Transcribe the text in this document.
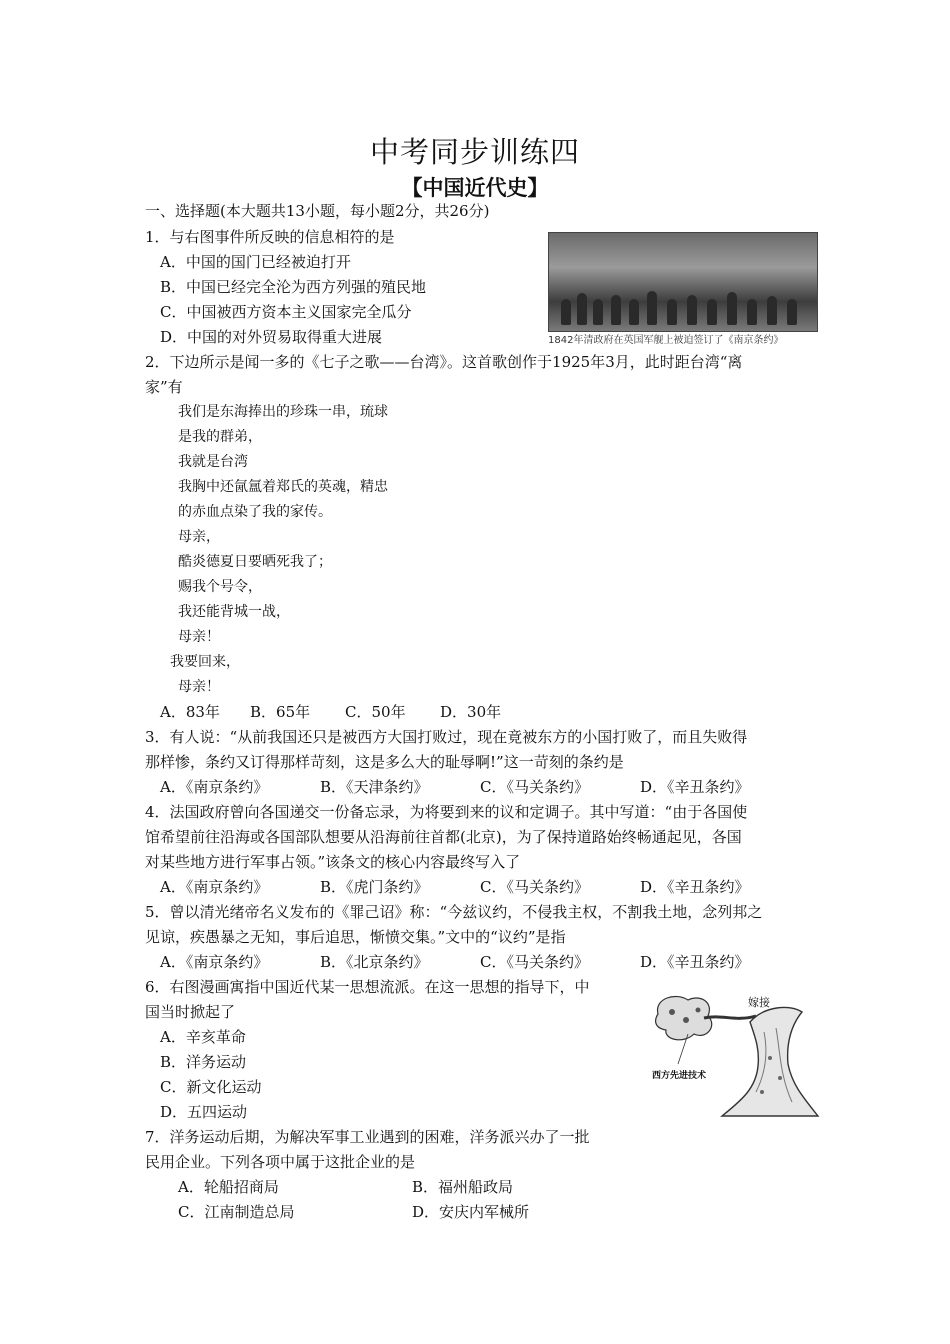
中考同步训练四
【中国近代史】
一、选择题(本大题共13小题，每小题2分，共26分)
1．与右图事件所反映的信息相符的是
A．中国的国门已经被迫打开
B．中国已经完全沦为西方列强的殖民地
C．中国被西方资本主义国家完全瓜分
D．中国的对外贸易取得重大进展	1842年清政府在英国军舰上被迫签订了《南京条约》
2．下边所示是闻一多的《七子之歌——台湾》。这首歌创作于1925年3月，此时距台湾“离
家”有
我们是东海捧出的珍珠一串，琉球
是我的群弟，
我就是台湾
我胸中还氤氲着郑氏的英魂，精忠
的赤血点染了我的家传。
母亲，
酷炎德夏日要晒死我了；
赐我个号令，
我还能背城一战，
母亲！
我要回来，
母亲！
A．83年 B．65年 C．50年 D．30年
3．有人说：“从前我国还只是被西方大国打败过，现在竟被东方的小国打败了，而且失败得
那样惨，条约又订得那样苛刻，这是多么大的耻辱啊!”这一苛刻的条约是
A．《南京条约》	B．《天津条约》	C．《马关条约》	D．《辛丑条约》
4．法国政府曾向各国递交一份备忘录，为将要到来的议和定调子。其中写道：“由于各国使
馆希望前往沿海或各国部队想要从沿海前往首都(北京)，为了保持道路始终畅通起见，各国
对某些地方进行军事占领。”该条文的核心内容最终写入了
A．《南京条约》	B．《虎门条约》	C．《马关条约》	D．《辛丑条约》
5．曾以清光绪帝名义发布的《罪己诏》称：“今兹议约，不侵我主权，不割我土地，念列邦之
见谅，疾愚暴之无知，事后追思，惭愤交集。”文中的“议约”是指
A．《南京条约》	B．《北京条约》	C．《马关条约》	D．《辛丑条约》
6．右图漫画寓指中国近代某一思想流派。在这一思想的指导下，中
国当时掀起了
A．辛亥革命
B．洋务运动
C．新文化运动
D．五四运动
嫁接
西方先进技术
7．洋务运动后期，为解决军事工业遇到的困难，洋务派兴办了一批
民用企业。下列各项中属于这批企业的是
A．轮船招商局	B．福州船政局
C．江南制造总局	D．安庆内军械所
